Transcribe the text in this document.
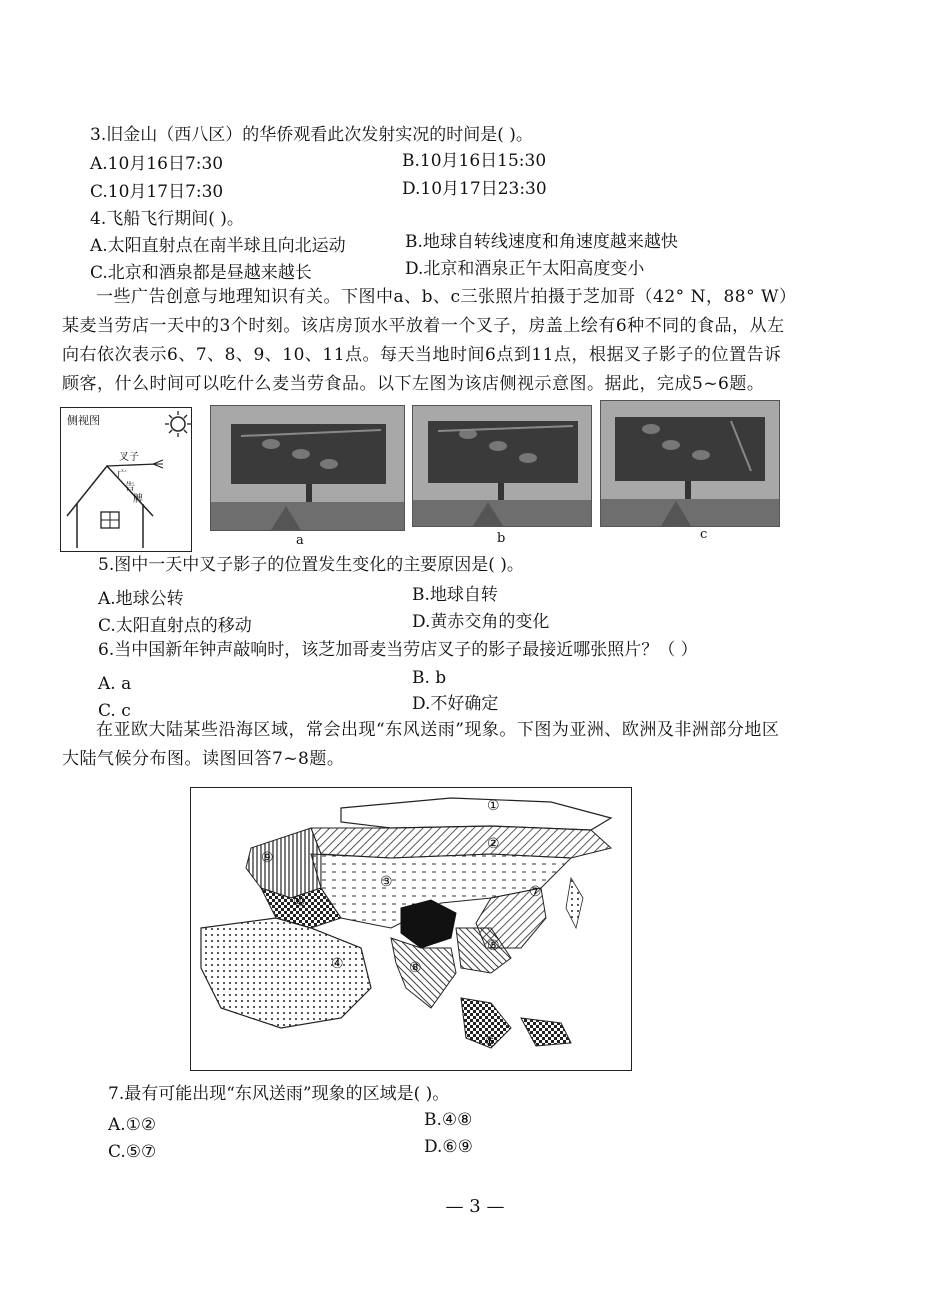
3.旧金山（西八区）的华侨观看此次发射实况的时间是( )。
A.10月16日7:30	B.10月16日15:30
C.10月17日7:30	D.10月17日23:30
4.飞船飞行期间( )。
A.太阳直射点在南半球且向北运动	B.地球自转线速度和角速度越来越快
C.北京和酒泉都是昼越来越长	D.北京和酒泉正午太阳高度变小
一些广告创意与地理知识有关。下图中a、b、c三张照片拍摄于芝加哥（42° N，88° W）某麦当劳店一天中的3个时刻。该店房顶水平放着一个叉子，房盖上绘有6种不同的食品，从左向右依次表示6、7、8、9、10、11点。每天当地时间6点到11点，根据叉子影子的位置告诉顾客，什么时间可以吃什么麦当劳食品。以下左图为该店侧视示意图。据此，完成5~6题。
侧视图
叉子
广
告
牌
a	b	c
5.图中一天中叉子影子的位置发生变化的主要原因是( )。
A.地球公转	B.地球自转
C.太阳直射点的移动	D.黄赤交角的变化
6.当中国新年钟声敲响时，该芝加哥麦当劳店叉子的影子最接近哪张照片？（ ）
A. a	B. b
C. c	D.不好确定
在亚欧大陆某些沿海区域，常会出现“东风送雨”现象。下图为亚洲、欧洲及非洲部分地区大陆气候分布图。读图回答7~8题。
①
②
③
④
⑤
⑥
⑦
⑧
⑨
⑩
7.最有可能出现“东风送雨”现象的区域是( )。
A.①②	B.④⑧
C.⑤⑦	D.⑥⑨
— 3 —
